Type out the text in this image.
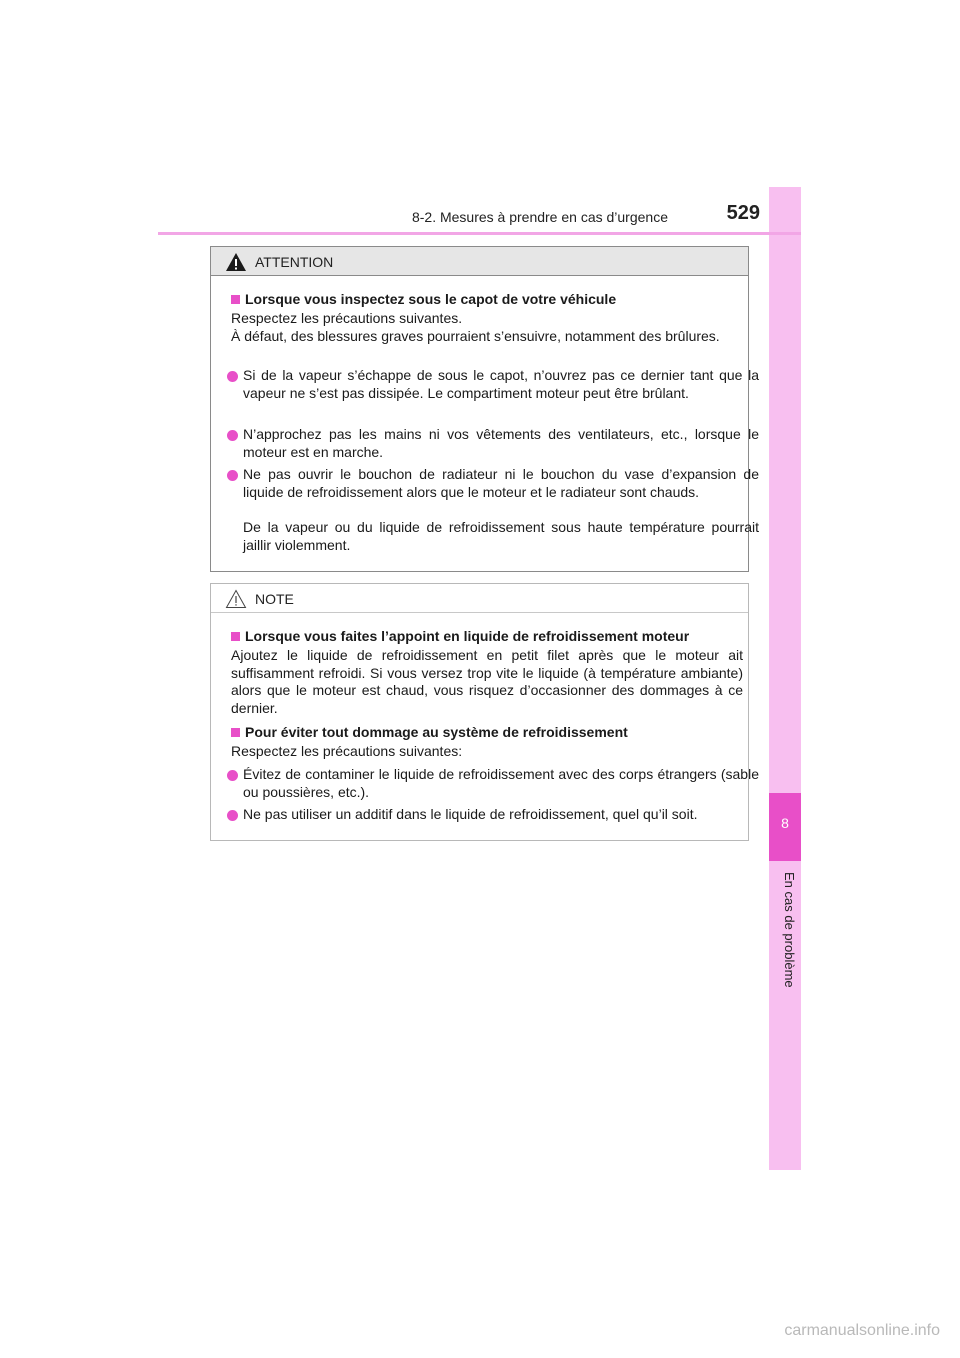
8
En cas de problème
8-2. Mesures à prendre en cas d’urgence	529
ATTENTION
Lorsque vous inspectez sous le capot de votre véhicule
Respectez les précautions suivantes.
À défaut, des blessures graves pourraient s’ensuivre, notamment des brûlures.
Si de la vapeur s’échappe de sous le capot, n’ouvrez pas ce dernier tant que la vapeur ne s’est pas dissipée. Le compartiment moteur peut être brûlant.
N’approchez pas les mains ni vos vêtements des ventilateurs, etc., lorsque le moteur est en marche.
Ne pas ouvrir le bouchon de radiateur ni le bouchon du vase d’expansion de liquide de refroidissement alors que le moteur et le radiateur sont chauds.
De la vapeur ou du liquide de refroidissement sous haute température pourrait jaillir violemment.
NOTE
Lorsque vous faites l’appoint en liquide de refroidissement moteur
Ajoutez le liquide de refroidissement en petit filet après que le moteur ait suffisamment refroidi. Si vous versez trop vite le liquide (à température ambiante) alors que le moteur est chaud, vous risquez d’occasionner des dommages à ce dernier.
Pour éviter tout dommage au système de refroidissement
Respectez les précautions suivantes:
Évitez de contaminer le liquide de refroidissement avec des corps étrangers (sable ou poussières, etc.).
Ne pas utiliser un additif dans le liquide de refroidissement, quel qu’il soit.
carmanualsonline.info
